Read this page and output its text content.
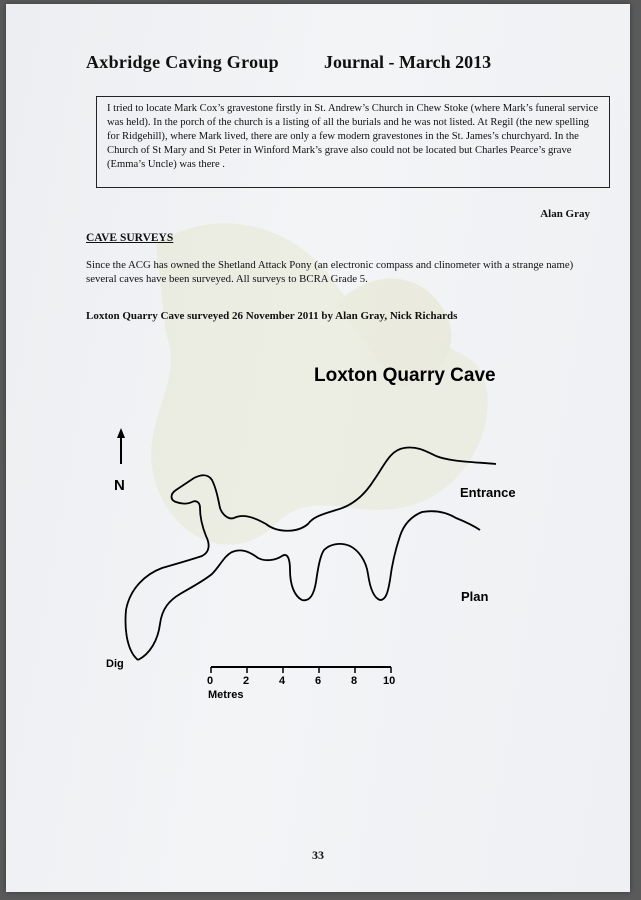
Axbridge Caving Group	Journal - March 2013
I tried to locate Mark Cox’s gravestone firstly in St. Andrew’s Church in Chew Stoke (where Mark’s funeral service was held). In the porch of the church is a listing of all the burials and he was not listed. At Regil (the new spelling for Ridgehill), where Mark lived, there are only a few modern gravestones in the St. James’s churchyard. In the Church of St Mary and St Peter in Winford Mark’s grave also could not be located but Charles Pearce’s grave (Emma’s Uncle) was there .
Alan Gray
CAVE SURVEYS
Since the ACG has owned the Shetland Attack Pony (an electronic compass and clinometer with a strange name) several caves have been surveyed. All surveys to BCRA Grade 5.
Loxton Quarry Cave surveyed 26 November 2011 by Alan Gray, Nick Richards
Loxton Quarry Cave
N	Entrance
Plan
Dig
0	2	4	6	8 10
Metres
33
